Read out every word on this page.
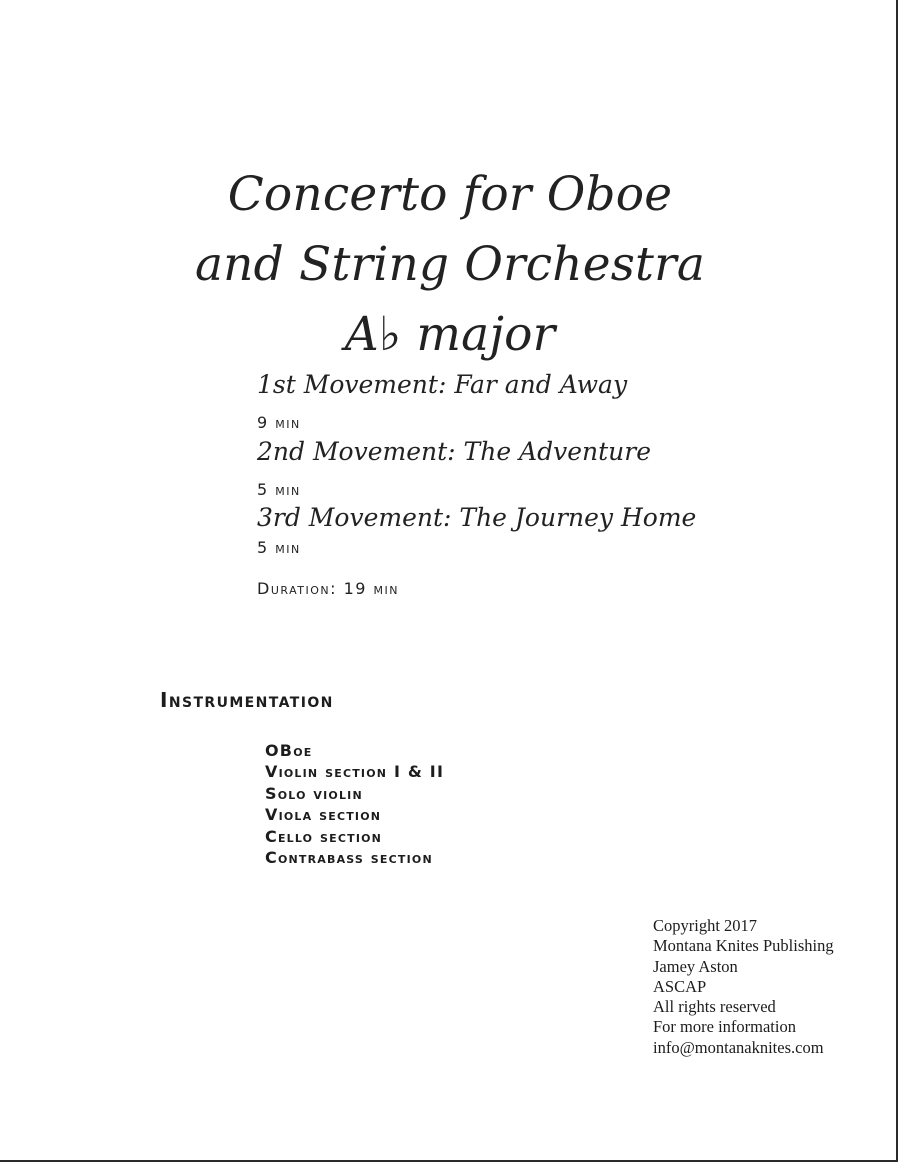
Concerto for Oboe
and String Orchestra
A♭ major
1st Movement: Far and Away
9 min
2nd Movement: The Adventure
5 min
3rd Movement: The Journey Home
5 min
Duration: 19 min
Instrumentation
OBoe
Violin section I & II
Solo violin
Viola section
Cello section
Contrabass section
Copyright 2017
Montana Knites Publishing
Jamey Aston
ASCAP
All rights reserved
For more information
info@montanaknites.com
